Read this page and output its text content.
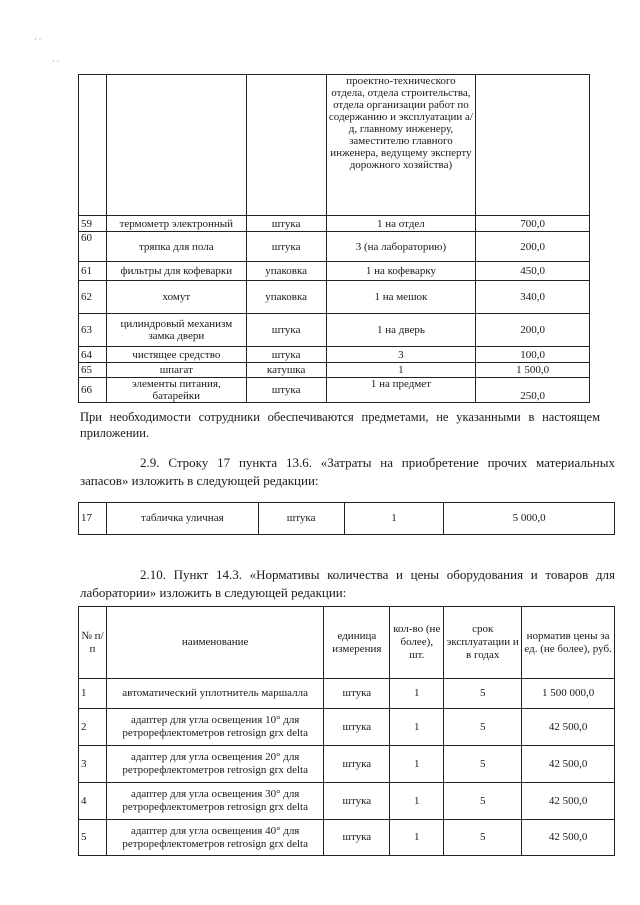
· ·
· ·
			проектно-технического отдела, отдела строительства, отдела организации работ по содержанию и эксплуатации а/д, главному инженеру, заместителю главного инженера, ведущему эксперту дорожного хозяйства)	
59	термометр электронный	штука	1 на отдел	700,0
60	тряпка для пола	штука	3 (на лабораторию)	200,0
61	фильтры для кофеварки	упаковка	1 на кофеварку	450,0
62	хомут	упаковка	1 на мешок	340,0
63	цилиндровый механизм замка двери	штука	1 на дверь	200,0
64	чистящее средство	штука	3	100,0
65	шпагат	катушка	1	1 500,0
66	элементы питания, батарейки	штука	1 на предмет	250,0
При необходимости сотрудники обеспечиваются предметами, не указанными в настоящем приложении.
2.9. Строку 17 пункта 13.6. «Затраты на приобретение прочих материальных запасов» изложить в следующей редакции:
17	табличка уличная	штука	1	5 000,0
2.10. Пункт 14.3. «Нормативы количества и цены оборудования и товаров для лаборатории» изложить в следующей редакции:
№ п/п	наименование	единица измерения	кол-во (не более), шт.	срок эксплуатации и в годах	норматив цены за ед. (не более), руб.
1	автоматический уплотнитель маршалла	штука	1	5	1 500 000,0
2	адаптер для угла освещения 10° для ретрорефлектометров retrosign grx delta	штука	1	5	42 500,0
3	адаптер для угла освещения 20° для ретрорефлектометров retrosign grx delta	штука	1	5	42 500,0
4	адаптер для угла освещения 30° для ретрорефлектометров retrosign grx delta	штука	1	5	42 500,0
5	адаптер для угла освещения 40° для ретрорефлектометров retrosign grx delta	штука	1	5	42 500,0
